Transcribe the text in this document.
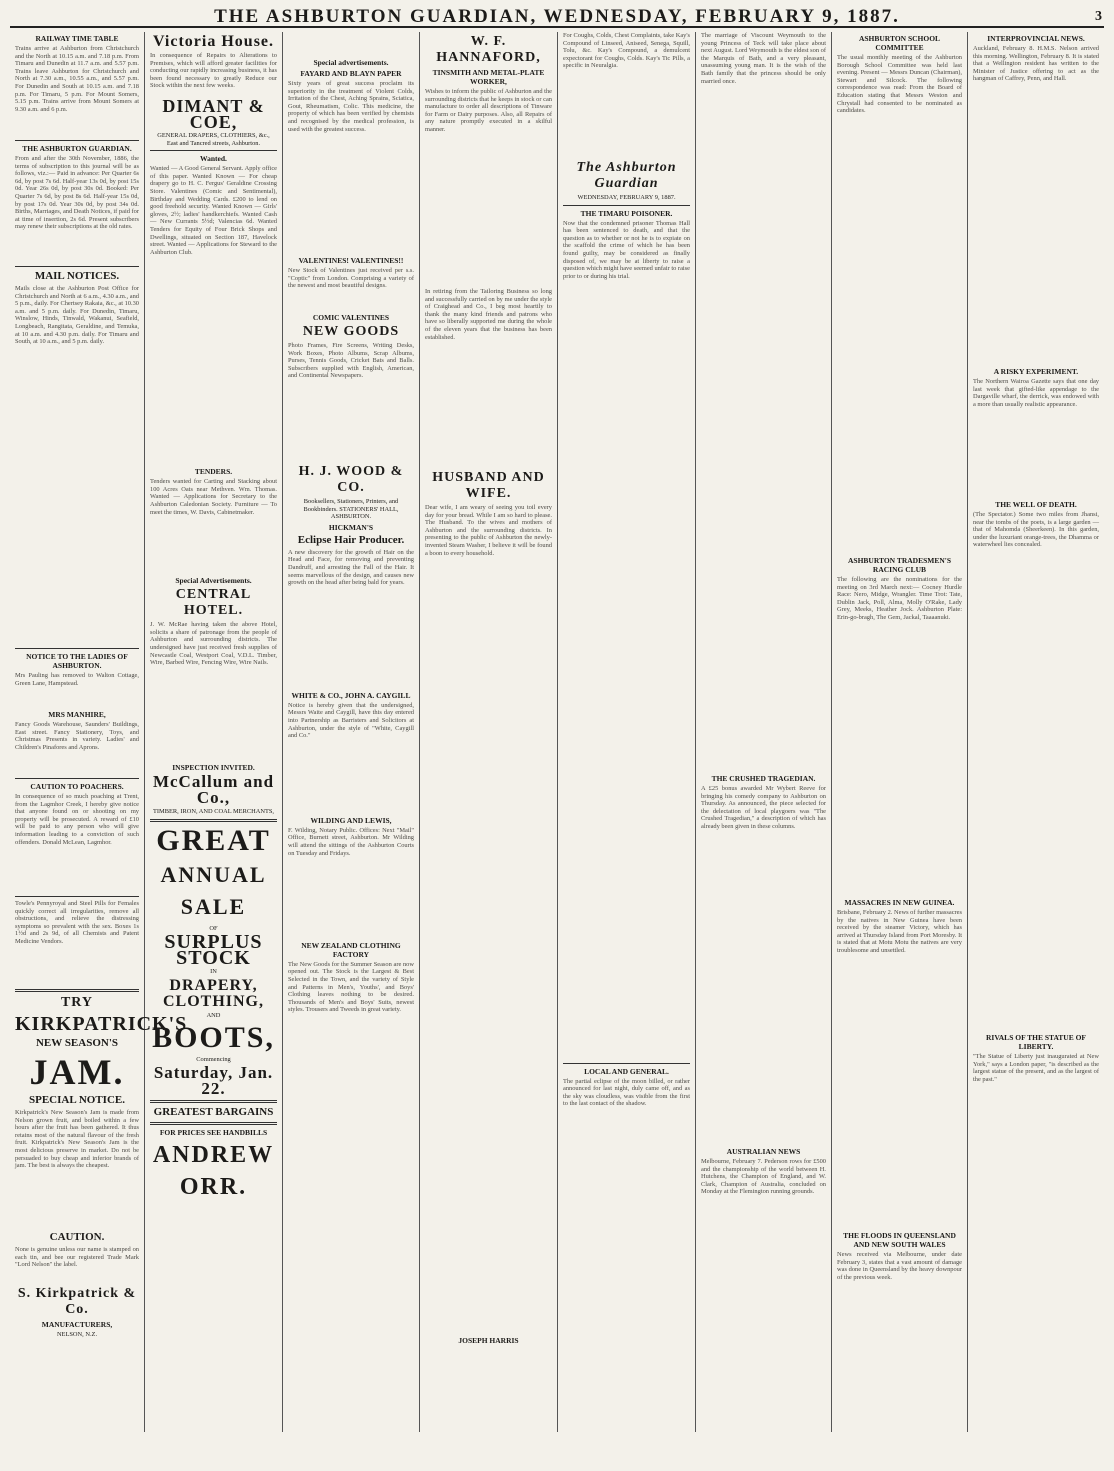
THE ASHBURTON GUARDIAN, WEDNESDAY, FEBRUARY 9, 1887.	3
RAILWAY TIME TABLE
Trains arrive at Ashburton from Christchurch and the North at 10.15 a.m. and 7.18 p.m. From Timaru and Dunedin at 11.7 a.m. and 5.57 p.m. Trains leave Ashburton for Christchurch and North at 7.30 a.m., 10.55 a.m., and 5.57 p.m. For Dunedin and South at 10.15 a.m. and 7.18 p.m. For Timaru, 5 p.m. For Mount Somers, 5.15 p.m. Trains arrive from Mount Somers at 9.30 a.m. and 6 p.m.
THE ASHBURTON GUARDIAN.
From and after the 30th November, 1886, the terms of subscription to this journal will be as follows, viz.:— Paid in advance: Per Quarter 6s 6d, by post 7s 6d. Half-year 13s 0d, by post 15s 0d. Year 26s 0d, by post 30s 0d. Booked: Per Quarter 7s 6d, by post 8s 6d. Half-year 15s 0d, by post 17s 0d. Year 30s 0d, by post 34s 0d. Births, Marriages, and Death Notices, if paid for at time of insertion, 2s 6d. Present subscribers may renew their subscriptions at the old rates.
MAIL NOTICES.
Mails close at the Ashburton Post Office for Christchurch and North at 6 a.m., 4.30 a.m., and 5 p.m., daily. For Chertsey Rakaia, &c., at 10.30 a.m. and 5 p.m. daily. For Dunedin, Timaru, Winslow, Hinds, Tinwald, Wakanui, Seafield, Longbeach, Rangitata, Geraldine, and Temuka, at 10 a.m. and 4.30 p.m. daily. For Timaru and South, at 10 a.m., and 5 p.m. daily.
NOTICE TO THE LADIES OF ASHBURTON.
Mrs Pauling has removed to Walton Cottage, Green Lane, Hampstead.
MRS MANHIRE,
Fancy Goods Warehouse, Saunders' Buildings, East street. Fancy Stationery, Toys, and Christmas Presents in variety. Ladies' and Children's Pinafores and Aprons.
CAUTION TO POACHERS.
In consequence of so much poaching at Trent, from the Lagmhor Creek, I hereby give notice that anyone found on or shooting on my property will be prosecuted. A reward of £10 will be paid to any person who will give information leading to a conviction of such offenders. Donald McLean, Lagmhor.
Towle's Pennyroyal and Steel Pills for Females quickly correct all irregularities, remove all obstructions, and relieve the distressing symptoms so prevalent with the sex. Boxes 1s 1½d and 2s 9d, of all Chemists and Patent Medicine Vendors.
TRY
KIRKPATRICK'S
NEW SEASON'S
JAM.
SPECIAL NOTICE.
Kirkpatrick's New Season's Jam is made from Nelson grown fruit, and boiled within a few hours after the fruit has been gathered. It thus retains most of the natural flavour of the fresh fruit. Kirkpatrick's New Season's Jam is the most delicious preserve in market. Do not be persuaded to buy cheap and inferior brands of jam. The best is always the cheapest.
CAUTION.
None is genuine unless our name is stamped on each tin, and bee our registered Trade Mark "Lord Nelson" the label.
S. Kirkpatrick & Co.
MANUFACTURERS,
NELSON, N.Z.
Victoria House.
In consequence of Repairs to Alterations to Premises, which will afford greater facilities for conducting our rapidly increasing business, it has been found necessary to greatly Reduce our Stock within the next few weeks.
DIMANT & COE,
GENERAL DRAPERS, CLOTHIERS, &c.,
East and Tancred streets, Ashburton.
Wanted.
Wanted — A Good General Servant. Apply office of this paper. Wanted Known — For cheap drapery go to H. C. Fergus' Geraldine Crossing Store. Valentines (Comic and Sentimental), Birthday and Wedding Cards. £200 to lend on good freehold security. Wanted Known — Girls' gloves, 2½; ladies' handkerchiefs. Wanted Cash — New Currants 5½d; Valencias 6d. Wanted Tenders for Equity of Four Brick Shops and Dwellings, situated on Section 187, Havelock street. Wanted — Applications for Steward to the Ashburton Club.
TENDERS.
Tenders wanted for Carting and Stacking about 100 Acres Oats near Methven. Wm. Thomas. Wanted — Applications for Secretary to the Ashburton Caledonian Society. Furniture — To meet the times, W. Davis, Cabinetmaker.
Special Advertisements.
CENTRAL HOTEL.
J. W. McRae having taken the above Hotel, solicits a share of patronage from the people of Ashburton and surrounding districts. The undersigned have just received fresh supplies of Newcastle Coal, Westport Coal, V.D.L. Timber, Wire, Barbed Wire, Fencing Wire, Wire Nails.
INSPECTION INVITED.
McCallum and Co.,
TIMBER, IRON, AND COAL MERCHANTS,
GREAT
ANNUAL SALE
OF
SURPLUS STOCK
IN
DRAPERY, CLOTHING,
AND
BOOTS,
Commencing
Saturday, Jan. 22.
GREATEST BARGAINS
FOR PRICES SEE HANDBILLS
ANDREW ORR.
Special advertisements.
FAYARD AND BLAYN PAPER
Sixty years of great success proclaim its superiority in the treatment of Violent Colds, Irritation of the Chest, Aching Sprains, Sciatica, Gout, Rheumatism, Colic. This medicine, the property of which has been verified by chemists and recognised by the medical profession, is used with the greatest success.
VALENTINES! VALENTINES!!
New Stock of Valentines just received per s.s. "Coptic" from London. Comprising a variety of the newest and most beautiful designs.
COMIC VALENTINES
NEW GOODS
Photo Frames, Fire Screens, Writing Desks, Work Boxes, Photo Albums, Scrap Albums, Purses, Tennis Goods, Cricket Bats and Balls. Subscribers supplied with English, American, and Continental Newspapers.
H. J. WOOD & CO.
Booksellers, Stationers, Printers, and Bookbinders. STATIONERS' HALL, ASHBURTON.
HICKMAN'S
Eclipse Hair Producer.
A new discovery for the growth of Hair on the Head and Face, for removing and preventing Dandruff, and arresting the Fall of the Hair. It seems marvellous of the design, and causes new growth on the head after being bald for years.
WHITE & CO., JOHN A. CAYGILL
Notice is hereby given that the undersigned, Messrs Waite and Caygill, have this day entered into Partnership as Barristers and Solicitors at Ashburton, under the style of "White, Caygill and Co."
WILDING AND LEWIS,
F. Wilding, Notary Public. Offices: Next "Mail" Office, Burnett street, Ashburton. Mr Wilding will attend the sittings of the Ashburton Courts on Tuesday and Fridays.
NEW ZEALAND CLOTHING FACTORY
The New Goods for the Summer Season are now opened out. The Stock is the Largest & Best Selected in the Town, and the variety of Style and Patterns in Men's, Youths', and Boys' Clothing leaves nothing to be desired. Thousands of Men's and Boys' Suits, newest styles. Trousers and Tweeds in great variety.
W. F. HANNAFORD,
TINSMITH AND METAL-PLATE WORKER,
Wishes to inform the public of Ashburton and the surrounding districts that he keeps in stock or can manufacture to order all descriptions of Tinware for Farm or Dairy purposes. Also, all Repairs of any nature promptly executed in a skilful manner.
In retiring from the Tailoring Business so long and successfully carried on by me under the style of Craighead and Co., I beg most heartily to thank the many kind friends and patrons who have so liberally supported me during the whole of the eleven years that the business has been established.
HUSBAND AND WIFE.
Dear wife, I am weary of seeing you toil every day for your bread. While I am so hard to please. The Husband. To the wives and mothers of Ashburton and the surrounding districts. In presenting to the public of Ashburton the newly-invented Steam Washer, I believe it will be found a boon to every household.
JOSEPH HARRIS
For Coughs, Colds, Chest Complaints, take Kay's Compound of Linseed, Aniseed, Senega, Squill, Tolu, &c. Kay's Compound, a demulcent expectorant for Coughs, Colds. Kay's Tic Pills, a specific in Neuralgia.
The Ashburton Guardian
WEDNESDAY, FEBRUARY 9, 1887.
THE TIMARU POISONER.
Now that the condemned prisoner Thomas Hall has been sentenced to death, and that the question as to whether or not he is to expiate on the scaffold the crime of which he has been found guilty, may be considered as finally disposed of, we may be at liberty to raise a question which might have seemed unfair to raise prior to or during his trial.
LOCAL AND GENERAL.
The partial eclipse of the moon billed, or rather announced for last night, duly came off, and as the sky was cloudless, was visible from the first to the last contact of the shadow.
The marriage of Viscount Weymouth to the young Princess of Teck will take place about next August. Lord Weymouth is the eldest son of the Marquis of Bath, and a very pleasant, unassuming young man. It is the wish of the Bath family that the princess should be only married once.
THE CRUSHED TRAGEDIAN.
A £25 bonus awarded Mr Wybert Reeve for bringing his comedy company to Ashburton on Thursday. As announced, the piece selected for the delectation of local playgoers was "The Crushed Tragedian," a description of which has already been given in these columns.
AUSTRALIAN NEWS
Melbourne, February 7. Pederson rows for £500 and the championship of the world between H. Hutchens, the Champion of England, and W. Clark, Champion of Australia, concluded on Monday at the Flemington running grounds.
ASHBURTON SCHOOL COMMITTEE
The usual monthly meeting of the Ashburton Borough School Committee was held last evening. Present — Messrs Duncan (Chairman), Stewart and Silcock. The following correspondence was read: From the Board of Education stating that Messrs Weston and Chrystall had consented to be nominated as candidates.
ASHBURTON TRADESMEN'S RACING CLUB
The following are the nominations for the meeting on 3rd March next:— Cocney Hurdle Race: Nero, Midge, Wrangler. Time Trot: Tate, Dublin Jack, Poll, Alma, Molly O'Rake, Lady Grey, Meeks, Heather Jock. Ashburton Plate: Erin-go-bragh, The Gem, Jackal, Taaaanuki.
MASSACRES IN NEW GUINEA.
Brisbane, February 2. News of further massacres by the natives in New Guinea have been received by the steamer Victory, which has arrived at Thursday Island from Port Moresby. It is stated that at Motu Motu the natives are very troublesome and unsettled.
THE FLOODS IN QUEENSLAND AND NEW SOUTH WALES
News received via Melbourne, under date February 3, states that a vast amount of damage was done in Queensland by the heavy downpour of the previous week.
INTERPROVINCIAL NEWS.
Auckland, February 8. H.M.S. Nelson arrived this morning. Wellington, February 8. It is stated that a Wellington resident has written to the Minister of Justice offering to act as the hangman of Caffrey, Penn, and Hall.
A RISKY EXPERIMENT.
The Northern Wairoa Gazette says that one day last week that gifted-like appendage to the Dargaville wharf, the derrick, was endowed with a more than usually realistic appearance.
THE WELL OF DEATH.
(The Spectator.) Some two miles from Jhansi, near the tombs of the poets, is a large garden — that of Mahomda (Sheerkeen). In this garden, under the luxuriant orange-trees, the Dhamma or waterwheel lies concealed.
RIVALS OF THE STATUE OF LIBERTY.
"The Statue of Liberty just inaugurated at New York," says a London paper, "is described as the largest statue of the present, and as the largest of the past."
